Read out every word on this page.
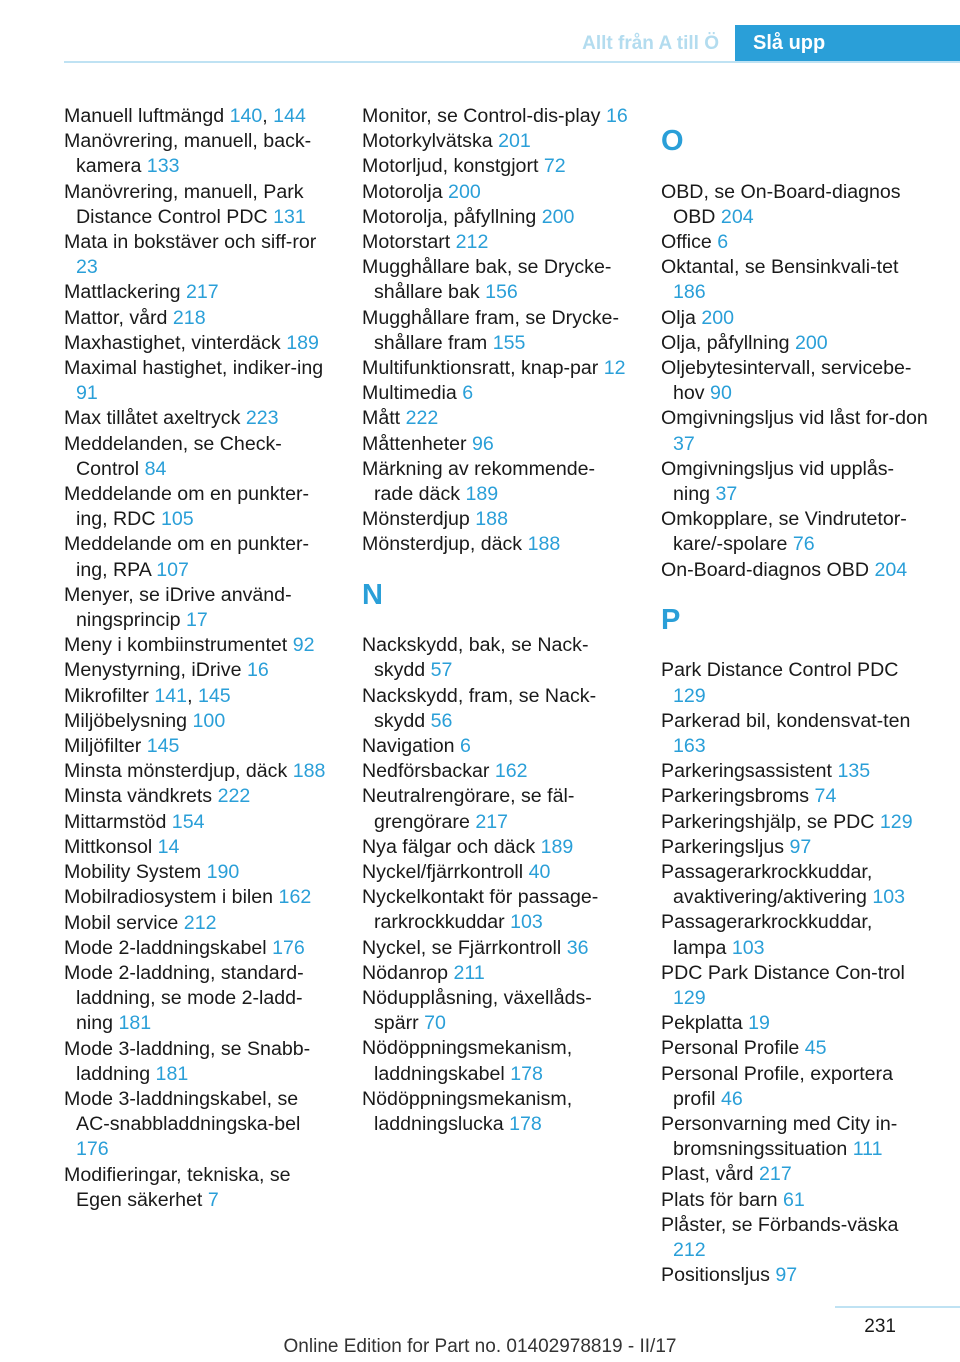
Allt från A till Ö	Slå upp
Manuell luftmängd 140, 144
Manövrering, manuell, back-kamera 133
Manövrering, manuell, Park Distance Control PDC 131
Mata in bokstäver och siff-ror 23
Mattlackering 217
Mattor, vård 218
Maxhastighet, vinterdäck 189
Maximal hastighet, indiker-ing 91
Max tillåtet axeltryck 223
Meddelanden, se Check-Control 84
Meddelande om en punkter-ing, RDC 105
Meddelande om en punkter-ing, RPA 107
Menyer, se iDrive använd-ningsprincip 17
Meny i kombiinstrumentet 92
Menystyrning, iDrive 16
Mikrofilter 141, 145
Miljöbelysning 100
Miljöfilter 145
Minsta mönsterdjup, däck 188
Minsta vändkrets 222
Mittarmstöd 154
Mittkonsol 14
Mobility System 190
Mobilradiosystem i bilen 162
Mobil service 212
Mode 2-laddningskabel 176
Mode 2-laddning, standard-laddning, se mode 2-ladd-ning 181
Mode 3-laddning, se Snabb-laddning 181
Mode 3-laddningskabel, se AC-snabbladdningska-bel 176
Modifieringar, tekniska, se Egen säkerhet 7
Monitor, se Control-dis-play 16
Motorkylvätska 201
Motorljud, konstgjort 72
Motorolja 200
Motorolja, påfyllning 200
Motorstart 212
Mugghållare bak, se Drycke-shållare bak 156
Mugghållare fram, se Drycke-shållare fram 155
Multifunktionsratt, knap-par 12
Multimedia 6
Mått 222
Måttenheter 96
Märkning av rekommende-rade däck 189
Mönsterdjup 188
Mönsterdjup, däck 188
N
Nackskydd, bak, se Nack-skydd 57
Nackskydd, fram, se Nack-skydd 56
Navigation 6
Nedförsbackar 162
Neutralrengörare, se fäl-grengörare 217
Nya fälgar och däck 189
Nyckel/fjärrkontroll 40
Nyckelkontakt för passage-rarkrockkuddar 103
Nyckel, se Fjärrkontroll 36
Nödanrop 211
Nödupplåsning, växellåds-spärr 70
Nödöppningsmekanism, laddningskabel 178
Nödöppningsmekanism, laddningslucka 178
O
OBD, se On-Board-diagnos OBD 204
Office 6
Oktantal, se Bensinkvali-tet 186
Olja 200
Olja, påfyllning 200
Oljebytesintervall, servicebe-hov 90
Omgivningsljus vid låst for-don 37
Omgivningsljus vid upplås-ning 37
Omkopplare, se Vindrutetor-kare/-spolare 76
On-Board-diagnos OBD 204
P
Park Distance Control PDC 129
Parkerad bil, kondensvat-ten 163
Parkeringsassistent 135
Parkeringsbroms 74
Parkeringshjälp, se PDC 129
Parkeringsljus 97
Passagerarkrockkuddar, avaktivering/aktivering 103
Passagerarkrockkuddar, lampa 103
PDC Park Distance Con-trol 129
Pekplatta 19
Personal Profile 45
Personal Profile, exportera profil 46
Personvarning med City in-bromsningssituation 111
Plast, vård 217
Plats för barn 61
Plåster, se Förbands-väska 212
Positionsljus 97
231
Online Edition for Part no. 01402978819 - II/17
